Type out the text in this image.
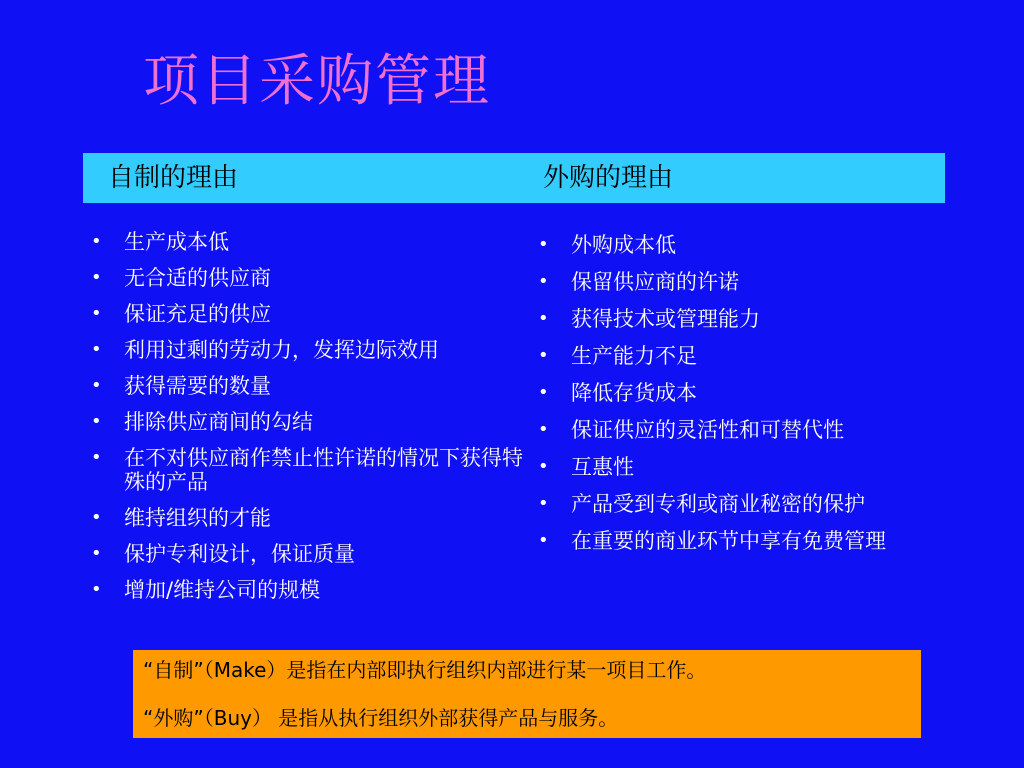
项目采购管理
自制的理由	外购的理由
• 生产成本低
• 无合适的供应商
• 保证充足的供应
• 利用过剩的劳动力，发挥边际效用
• 获得需要的数量
• 排除供应商间的勾结
• 在不对供应商作禁止性许诺的情况下获得特殊的产品
• 维持组织的才能
• 保护专利设计，保证质量
• 增加/维持公司的规模
• 外购成本低
• 保留供应商的许诺
• 获得技术或管理能力
• 生产能力不足
• 降低存货成本
• 保证供应的灵活性和可替代性
• 互惠性
• 产品受到专利或商业秘密的保护
• 在重要的商业环节中享有免费管理
“自制”（Make）是指在内部即执行组织内部进行某一项目工作。
“外购”（Buy） 是指从执行组织外部获得产品与服务。
